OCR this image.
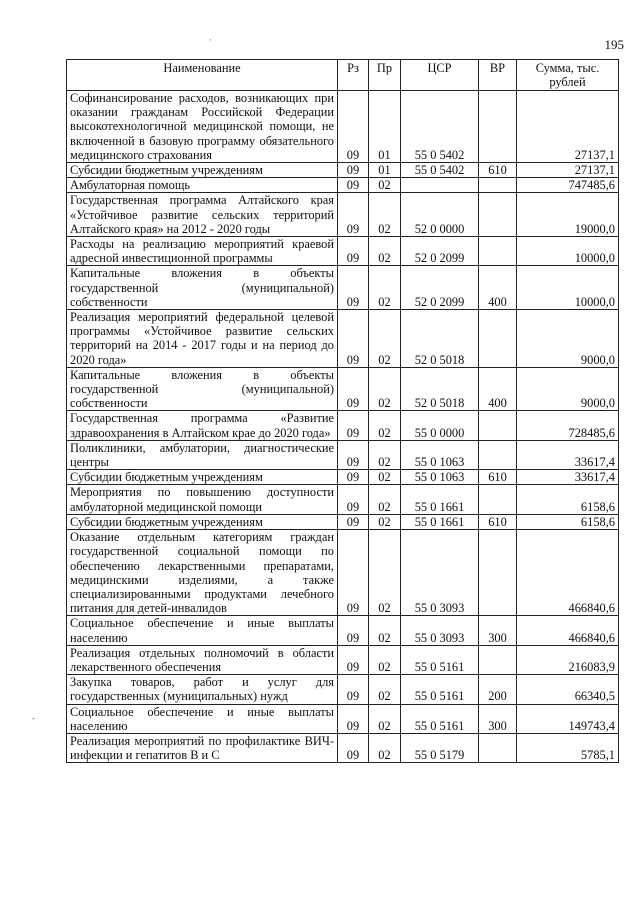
195
·
-
Наименование	Рз	Пр	ЦСР	ВР	Сумма, тыс. рублей
Софинансирование расходов, возникающих при оказании гражданам Российской Федерации высокотехнологичной медицинской помощи, не включенной в базовую программу обязательного медицинского страхования	09	01	55 0 5402		27137,1
Субсидии бюджетным учреждениям	09	01	55 0 5402	610	27137,1
Амбулаторная помощь	09	02			747485,6
Государственная программа Алтайского края «Устойчивое развитие сельских территорий Алтайского края» на 2012 - 2020 годы	09	02	52 0 0000		19000,0
Расходы на реализацию мероприятий краевой адресной инвестиционной программы	09	02	52 0 2099		10000,0
Капитальные вложения в объекты государственной (муниципальной) собственности	09	02	52 0 2099	400	10000,0
Реализация мероприятий федеральной целевой программы «Устойчивое развитие сельских территорий на 2014 - 2017 годы и на период до 2020 года»	09	02	52 0 5018		9000,0
Капитальные вложения в объекты государственной (муниципальной) собственности	09	02	52 0 5018	400	9000,0
Государственная программа «Развитие здравоохранения в Алтайском крае до 2020 года»	09	02	55 0 0000		728485,6
Поликлиники, амбулатории, диагностические центры	09	02	55 0 1063		33617,4
Субсидии бюджетным учреждениям	09	02	55 0 1063	610	33617,4
Мероприятия по повышению доступности амбулаторной медицинской помощи	09	02	55 0 1661		6158,6
Субсидии бюджетным учреждениям	09	02	55 0 1661	610	6158,6
Оказание отдельным категориям граждан государственной социальной помощи по обеспечению лекарственными препаратами, медицинскими изделиями, а также специализированными продуктами лечебного питания для детей-инвалидов	09	02	55 0 3093		466840,6
Социальное обеспечение и иные выплаты населению	09	02	55 0 3093	300	466840,6
Реализация отдельных полномочий в области лекарственного обеспечения	09	02	55 0 5161		216083,9
Закупка товаров, работ и услуг для государственных (муниципальных) нужд	09	02	55 0 5161	200	66340,5
Социальное обеспечение и иные выплаты населению	09	02	55 0 5161	300	149743,4
Реализация мероприятий по профилактике ВИЧ-инфекции и гепатитов В и С	09	02	55 0 5179		5785,1
